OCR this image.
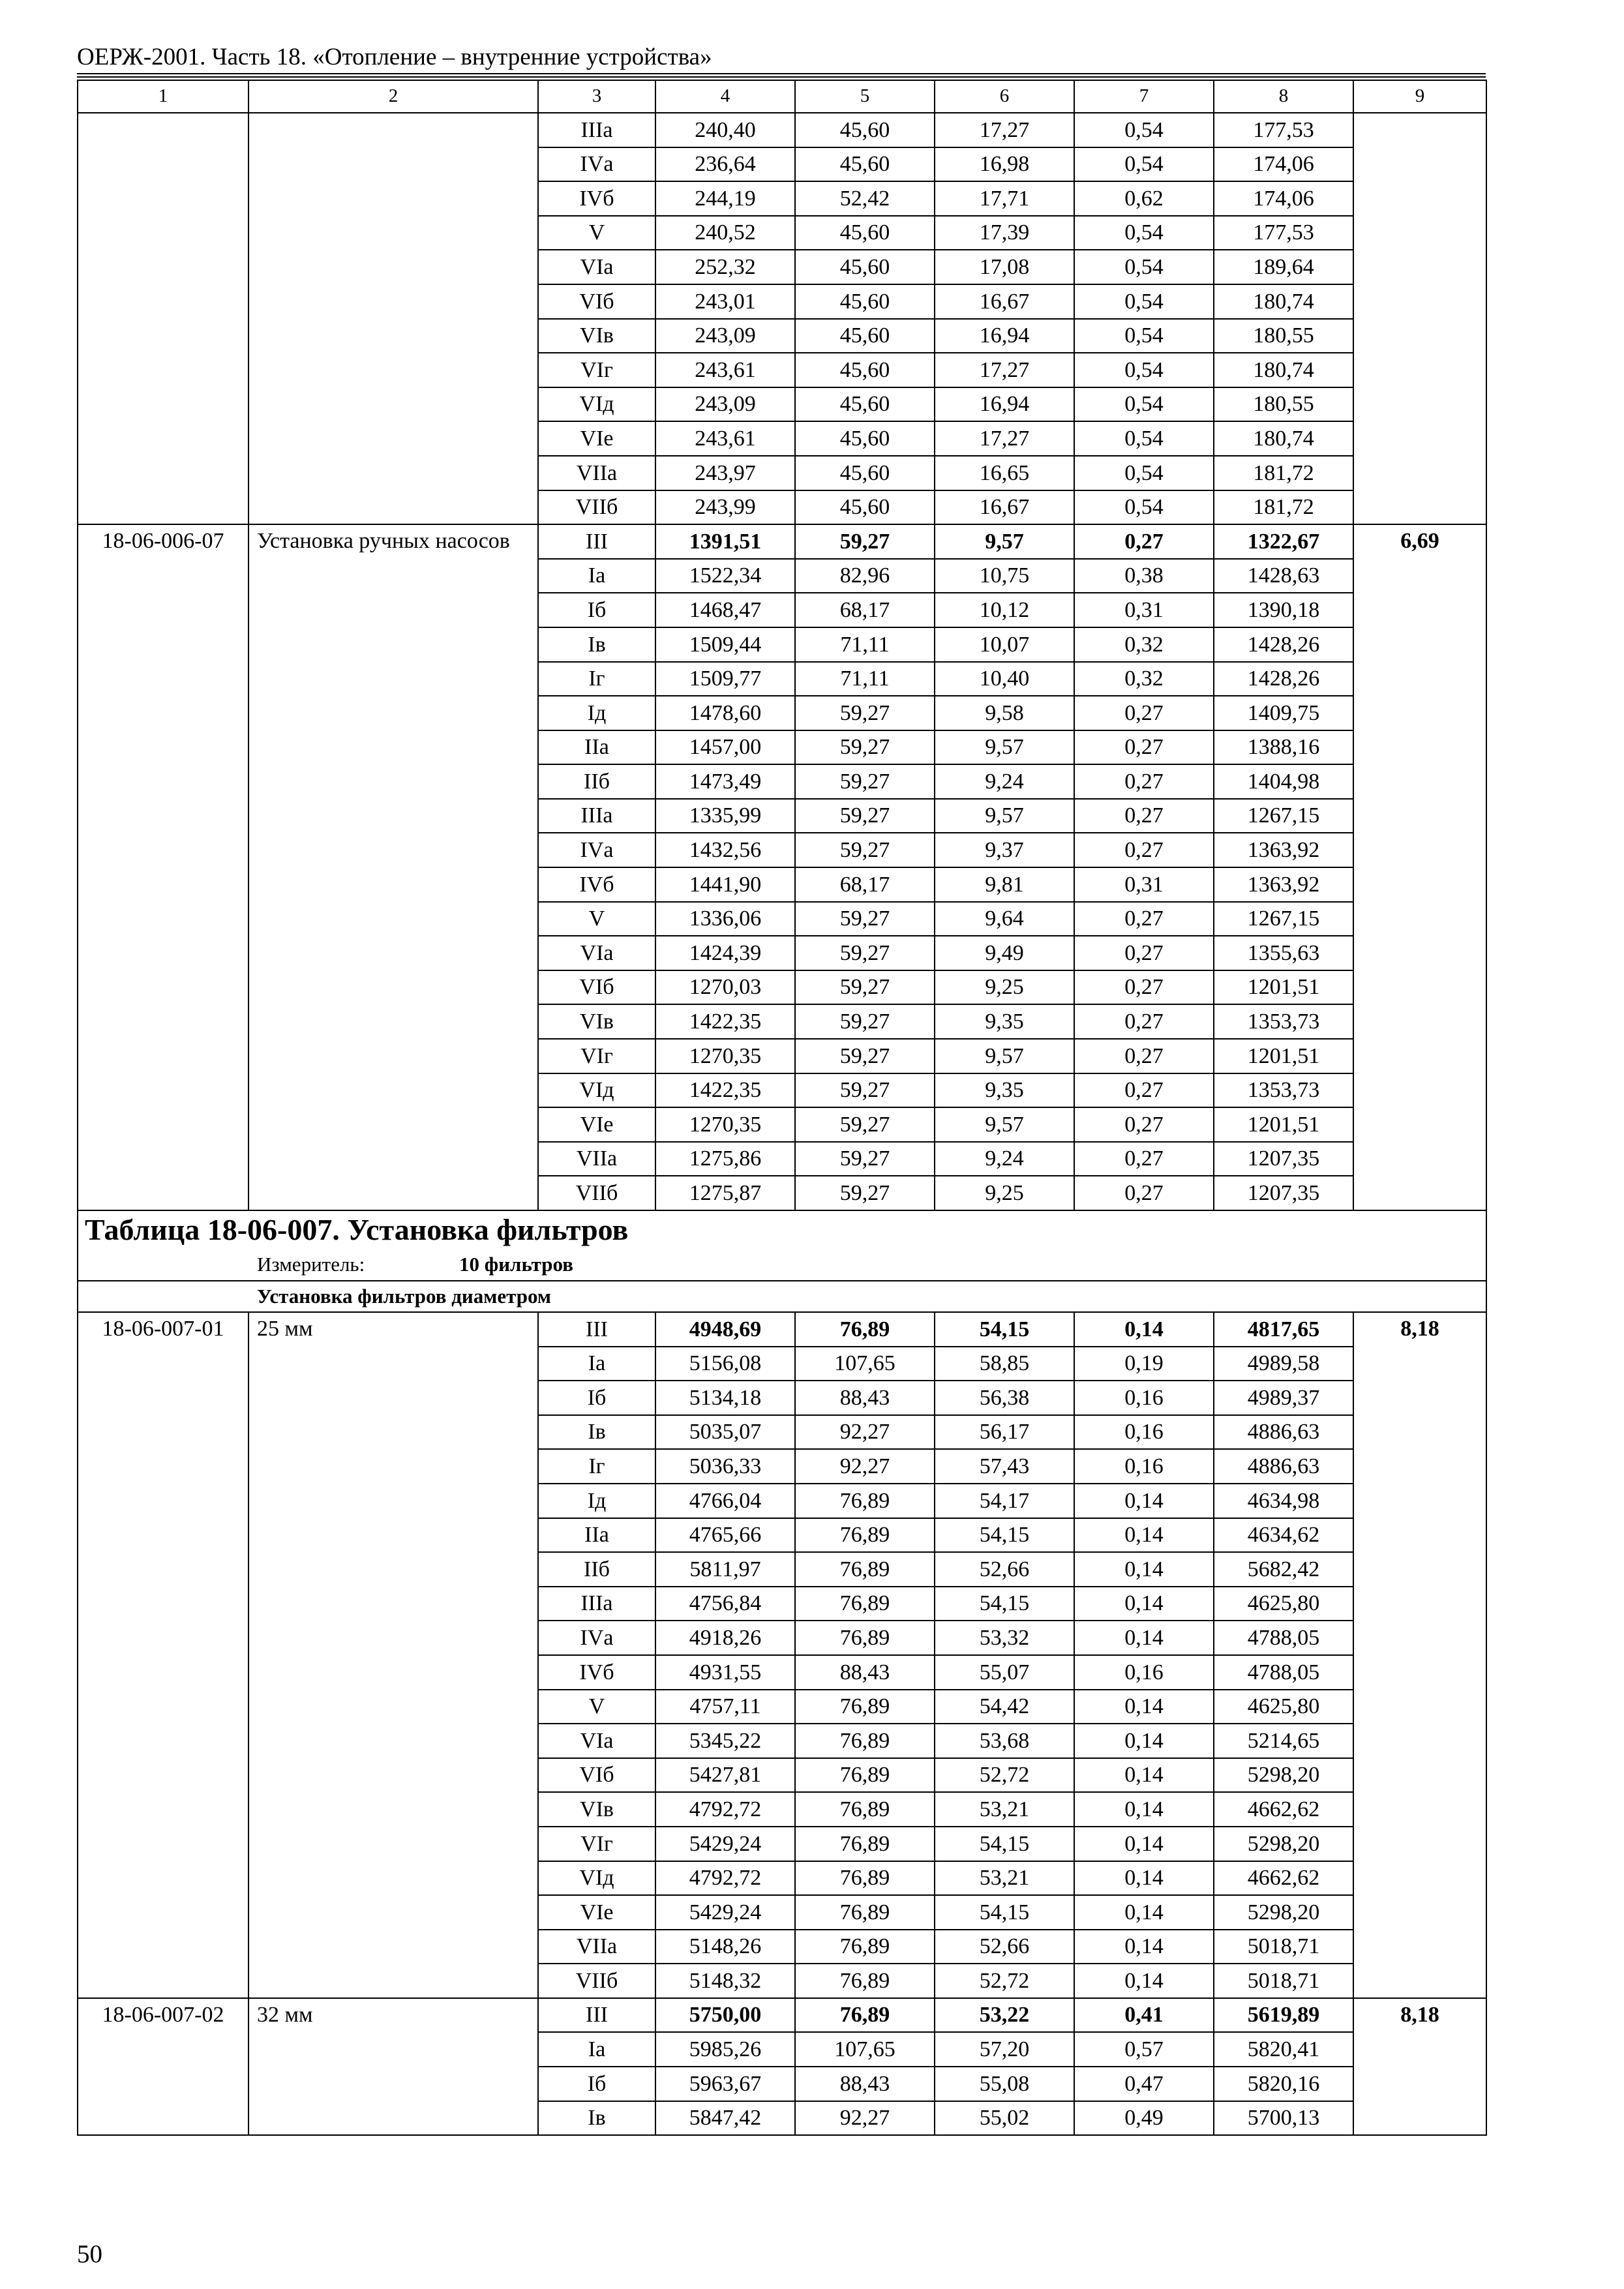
ОЕРЖ-2001. Часть 18. «Отопление – внутренние устройства»
1	2	3	4	5	6	7	8	9
		IIIа	240,40	45,60	17,27	0,54	177,53	
		IVа	236,64	45,60	16,98	0,54	174,06	
		IVб	244,19	52,42	17,71	0,62	174,06	
		V	240,52	45,60	17,39	0,54	177,53	
		VIа	252,32	45,60	17,08	0,54	189,64	
		VIб	243,01	45,60	16,67	0,54	180,74	
		VIв	243,09	45,60	16,94	0,54	180,55	
		VIг	243,61	45,60	17,27	0,54	180,74	
		VIд	243,09	45,60	16,94	0,54	180,55	
		VIе	243,61	45,60	17,27	0,54	180,74	
		VIIа	243,97	45,60	16,65	0,54	181,72	
		VIIб	243,99	45,60	16,67	0,54	181,72	
18-06-006-07	Установка ручных насосов	III	1391,51	59,27	9,57	0,27	1322,67	6,69
		Iа	1522,34	82,96	10,75	0,38	1428,63	
		Iб	1468,47	68,17	10,12	0,31	1390,18	
		Iв	1509,44	71,11	10,07	0,32	1428,26	
		Iг	1509,77	71,11	10,40	0,32	1428,26	
		Iд	1478,60	59,27	9,58	0,27	1409,75	
		IIа	1457,00	59,27	9,57	0,27	1388,16	
		IIб	1473,49	59,27	9,24	0,27	1404,98	
		IIIа	1335,99	59,27	9,57	0,27	1267,15	
		IVа	1432,56	59,27	9,37	0,27	1363,92	
		IVб	1441,90	68,17	9,81	0,31	1363,92	
		V	1336,06	59,27	9,64	0,27	1267,15	
		VIа	1424,39	59,27	9,49	0,27	1355,63	
		VIб	1270,03	59,27	9,25	0,27	1201,51	
		VIв	1422,35	59,27	9,35	0,27	1353,73	
		VIг	1270,35	59,27	9,57	0,27	1201,51	
		VIд	1422,35	59,27	9,35	0,27	1353,73	
		VIе	1270,35	59,27	9,57	0,27	1201,51	
		VIIа	1275,86	59,27	9,24	0,27	1207,35	
		VIIб	1275,87	59,27	9,25	0,27	1207,35	
Таблица 18-06-007. Установка фильтров								
Измеритель: 10 фильтров								
Установка фильтров диаметром								
18-06-007-01	25 мм	III	4948,69	76,89	54,15	0,14	4817,65	8,18
		Iа	5156,08	107,65	58,85	0,19	4989,58	
		Iб	5134,18	88,43	56,38	0,16	4989,37	
		Iв	5035,07	92,27	56,17	0,16	4886,63	
		Iг	5036,33	92,27	57,43	0,16	4886,63	
		Iд	4766,04	76,89	54,17	0,14	4634,98	
		IIа	4765,66	76,89	54,15	0,14	4634,62	
		IIб	5811,97	76,89	52,66	0,14	5682,42	
		IIIа	4756,84	76,89	54,15	0,14	4625,80	
		IVа	4918,26	76,89	53,32	0,14	4788,05	
		IVб	4931,55	88,43	55,07	0,16	4788,05	
		V	4757,11	76,89	54,42	0,14	4625,80	
		VIа	5345,22	76,89	53,68	0,14	5214,65	
		VIб	5427,81	76,89	52,72	0,14	5298,20	
		VIв	4792,72	76,89	53,21	0,14	4662,62	
		VIг	5429,24	76,89	54,15	0,14	5298,20	
		VIд	4792,72	76,89	53,21	0,14	4662,62	
		VIе	5429,24	76,89	54,15	0,14	5298,20	
		VIIа	5148,26	76,89	52,66	0,14	5018,71	
		VIIб	5148,32	76,89	52,72	0,14	5018,71	
18-06-007-02	32 мм	III	5750,00	76,89	53,22	0,41	5619,89	8,18
		Iа	5985,26	107,65	57,20	0,57	5820,41	
		Iб	5963,67	88,43	55,08	0,47	5820,16	
		Iв	5847,42	92,27	55,02	0,49	5700,13	
50
